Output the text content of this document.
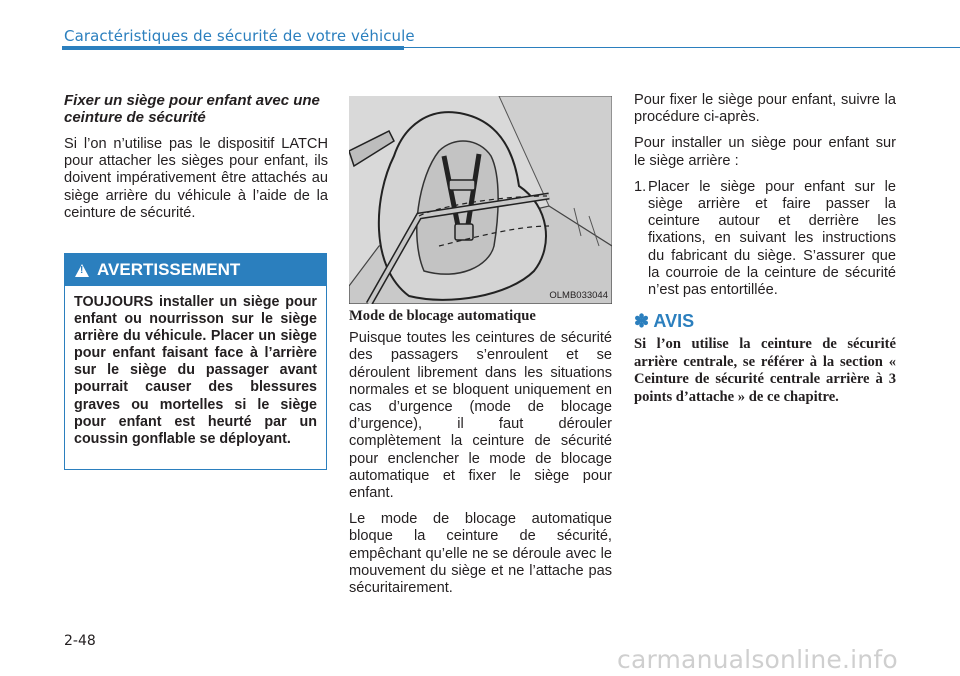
Caractéristiques de sécurité de votre véhicule

Fixer un siège pour enfant avec une ceinture de sécurité

Si l’on n’utilise pas le dispositif LATCH pour attacher les sièges pour enfant, ils doivent impérativement être attachés au siège arrière du véhicule à l’aide de la ceinture de sécurité.

! AVERTISSEMENT
TOUJOURS installer un siège pour enfant ou nourrisson sur le siège arrière du véhicule. Placer un siège pour enfant faisant face à l’arrière sur le siège du passager avant pourrait causer des blessures graves ou mortelles si le siège pour enfant est heurté par un coussin gonflable se déployant.
OLMB033044

Mode de blocage automatique

Puisque toutes les ceintures de sécurité des passagers s’enroulent et se déroulent librement dans les situations normales et se bloquent uniquement en cas d’urgence (mode de blocage d’urgence), il faut dérouler complètement la ceinture de sécurité pour enclencher le mode de blocage automatique et fixer le siège pour enfant.

Le mode de blocage automatique bloque la ceinture de sécurité, empêchant qu’elle ne se déroule avec le mouvement du siège et ne l’attache pas sécuritairement.

Pour fixer le siège pour enfant, suivre la procédure ci-après.

Pour installer un siège pour enfant sur le siège arrière :

1. Placer le siège pour enfant sur le siège arrière et faire passer la ceinture autour et derrière les fixations, en suivant les instructions du fabricant du siège. S’assurer que la courroie de la ceinture de sécurité n’est pas entortillée.
✽ AVIS

Si l’on utilise la ceinture de sécurité arrière centrale, se référer à la section « Ceinture de sécurité centrale arrière à 3 points d’attache » de ce chapitre.

2-48
carmanualsonline.info
